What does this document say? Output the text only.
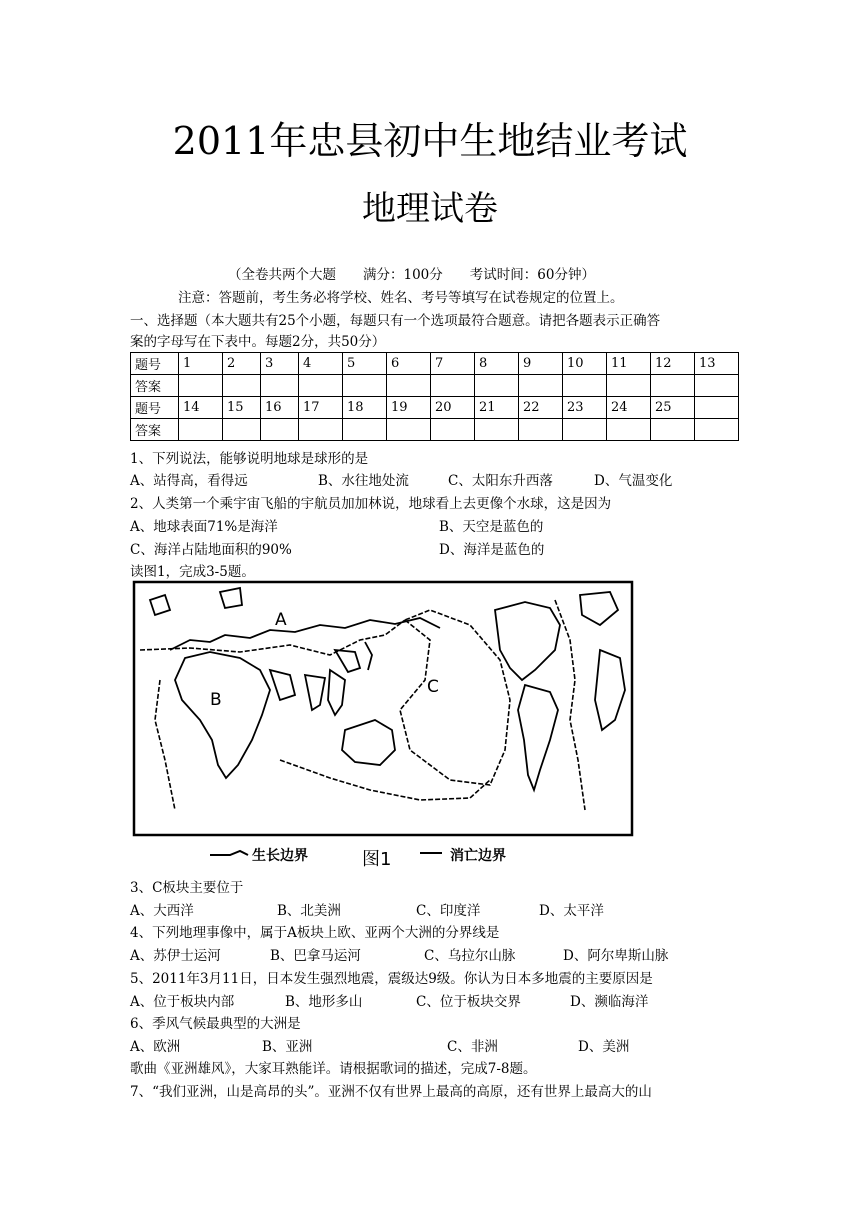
2011年忠县初中生地结业考试
地理试卷
（全卷共两个大题　　满分：100分　　考试时间：60分钟）
注意：答题前，考生务必将学校、姓名、考号等填写在试卷规定的位置上。
一、选择题（本大题共有25个小题，每题只有一个选项最符合题意。请把各题表示正确答
案的字母写在下表中。每题2分，共50分）
题号	1	2	3	4	5	6	7	8	9	10	11	12	13
答案													
题号	14	15	16	17	18	19	20	21	22	23	24	25	
答案													
1、下列说法，能够说明地球是球形的是
A、站得高，看得远	B、水往地处流	C、太阳东升西落	D、气温变化
2、人类第一个乘宇宙飞船的宇航员加加林说，地球看上去更像个水球，这是因为
A、地球表面71%是海洋	B、天空是蓝色的
C、海洋占陆地面积的90%	D、海洋是蓝色的
读图1，完成3-5题。
A
B
C
生长边界	图1	消亡边界
3、C板块主要位于
A、大西洋	B、北美洲	C、印度洋	D、太平洋
4、下列地理事像中，属于A板块上欧、亚两个大洲的分界线是
A、苏伊士运河	B、巴拿马运河	C、乌拉尔山脉	D、阿尔卑斯山脉
5、2011年3月11日，日本发生强烈地震，震级达9级。你认为日本多地震的主要原因是
A、位于板块内部	B、地形多山	C、位于板块交界	D、濒临海洋
6、季风气候最典型的大洲是
A、欧洲	B、亚洲	C、非洲	D、美洲
歌曲《亚洲雄风》，大家耳熟能详。请根据歌词的描述，完成7-8题。
7、“我们亚洲，山是高昂的头”。亚洲不仅有世界上最高的高原，还有世界上最高大的山
